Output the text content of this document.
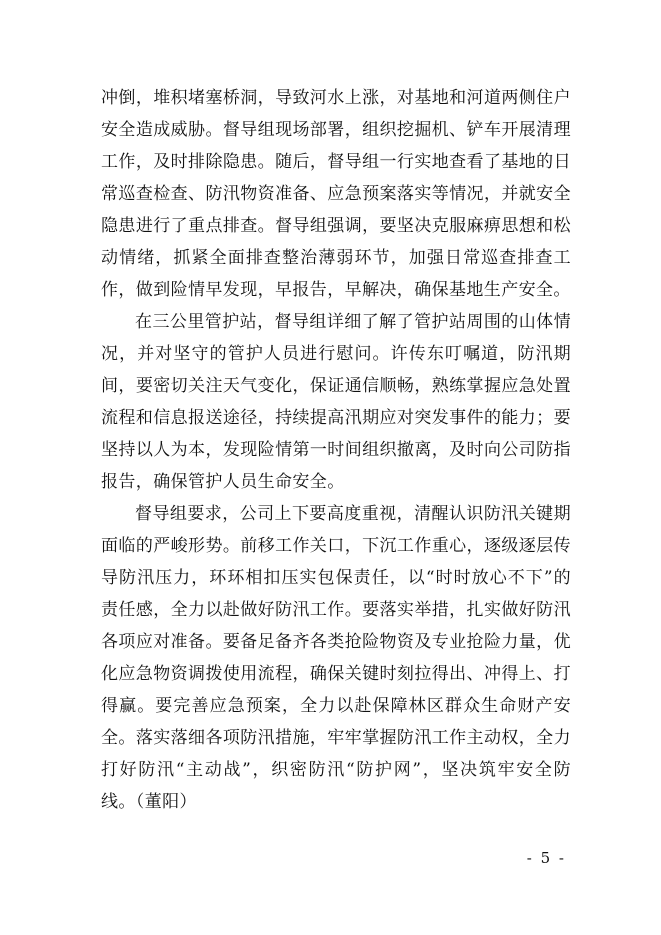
冲倒，堆积堵塞桥洞，导致河水上涨，对基地和河道两侧住户安全造成威胁。督导组现场部署，组织挖掘机、铲车开展清理工作，及时排除隐患。随后，督导组一行实地查看了基地的日常巡查检查、防汛物资准备、应急预案落实等情况，并就安全隐患进行了重点排查。督导组强调，要坚决克服麻痹思想和松动情绪，抓紧全面排查整治薄弱环节，加强日常巡查排查工作，做到险情早发现，早报告，早解决，确保基地生产安全。

在三公里管护站，督导组详细了解了管护站周围的山体情况，并对坚守的管护人员进行慰问。许传东叮嘱道，防汛期间，要密切关注天气变化，保证通信顺畅，熟练掌握应急处置流程和信息报送途径，持续提高汛期应对突发事件的能力；要坚持以人为本，发现险情第一时间组织撤离，及时向公司防指报告，确保管护人员生命安全。

督导组要求，公司上下要高度重视，清醒认识防汛关键期面临的严峻形势。前移工作关口，下沉工作重心，逐级逐层传导防汛压力，环环相扣压实包保责任，以“时时放心不下”的责任感，全力以赴做好防汛工作。要落实举措，扎实做好防汛各项应对准备。要备足备齐各类抢险物资及专业抢险力量，优化应急物资调拨使用流程，确保关键时刻拉得出、冲得上、打得赢。要完善应急预案，全力以赴保障林区群众生命财产安全。落实落细各项防汛措施，牢牢掌握防汛工作主动权，全力打好防汛“主动战”，织密防汛“防护网”，坚决筑牢安全防线。（董阳）

- 5 -
